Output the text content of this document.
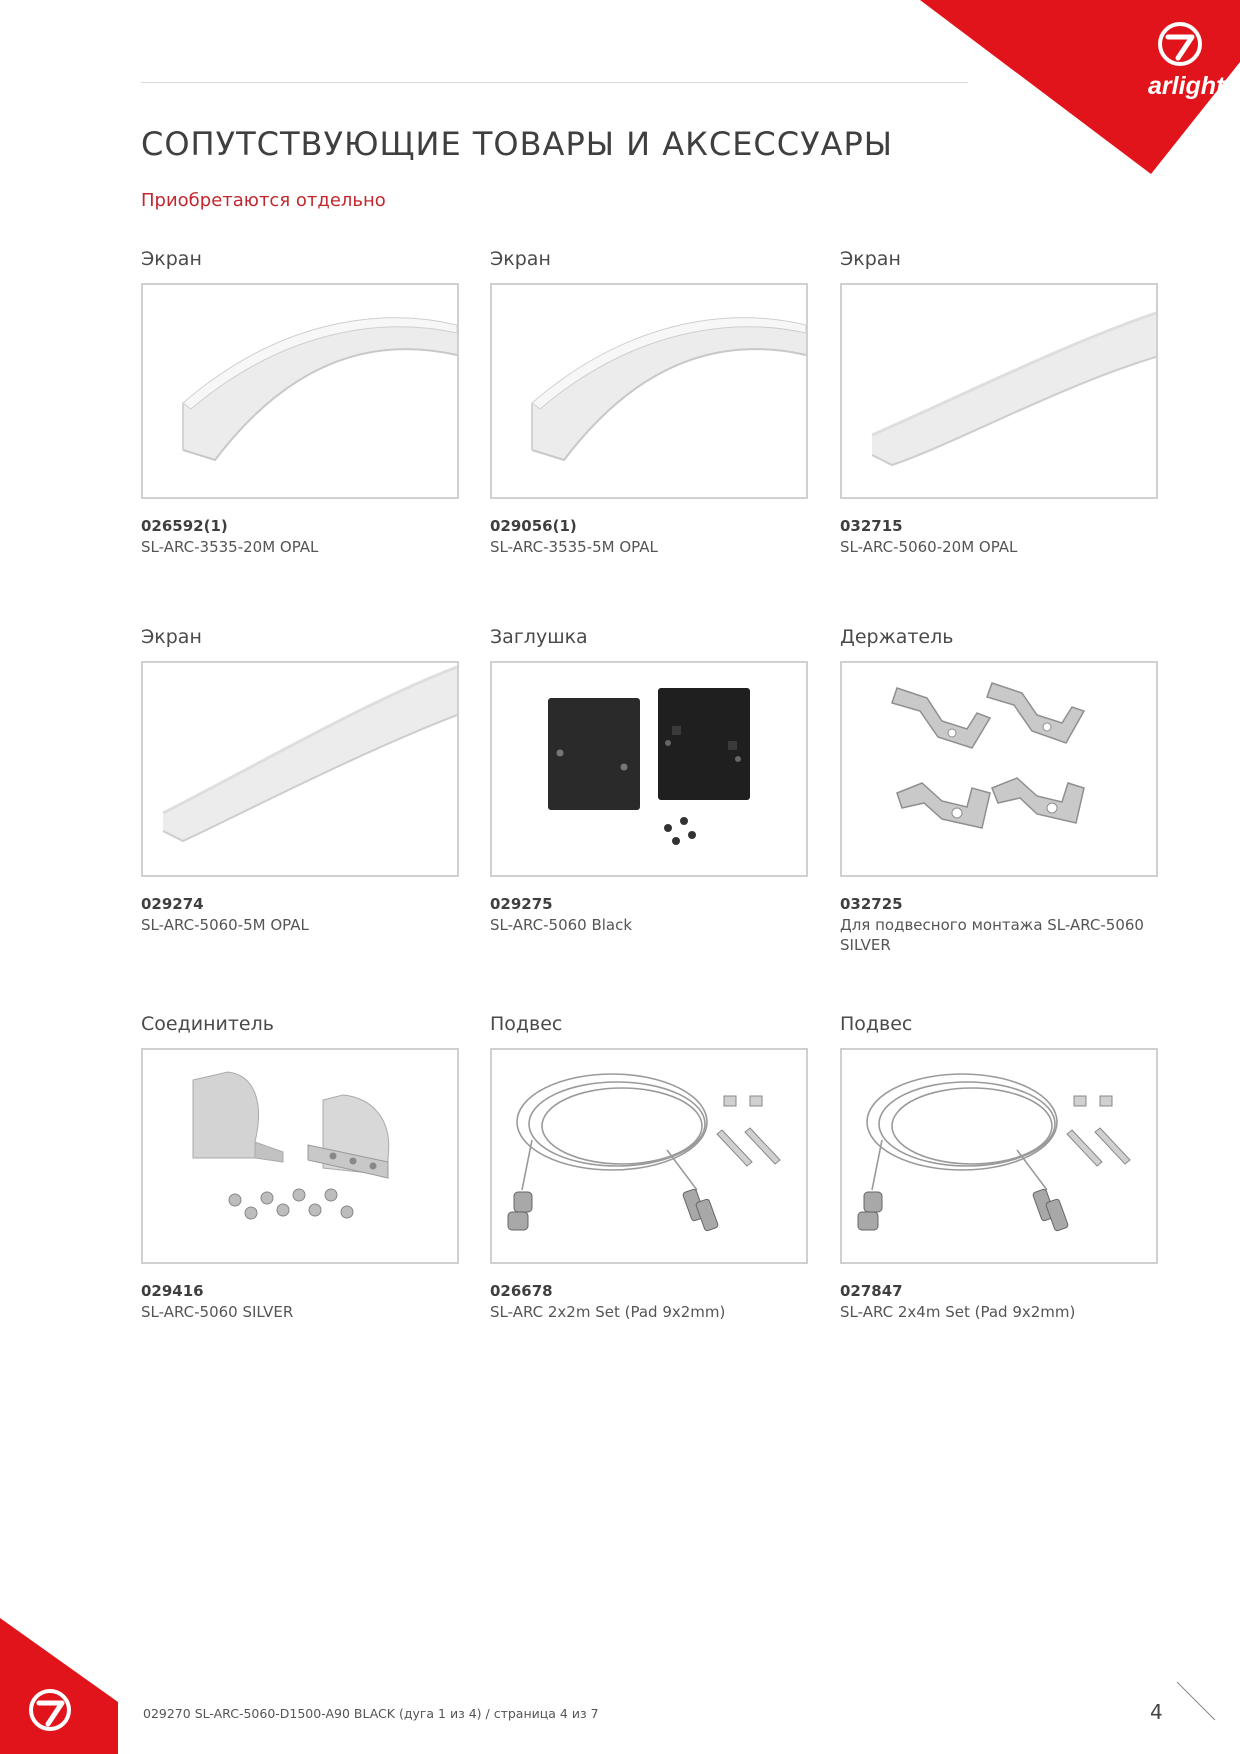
arlight
СОПУТСТВУЮЩИЕ ТОВАРЫ И АКСЕССУАРЫ

Приобретаются отдельно

Экран
026592(1)
SL-ARC-3535-20M OPAL
Экран
029056(1)
SL-ARC-3535-5M OPAL
Экран
032715
SL-ARC-5060-20M OPAL
Экран
029274
SL-ARC-5060-5M OPAL
Заглушка
029275
SL-ARC-5060 Black
Держатель
032725
Для подвесного монтажа SL-ARC-5060 SILVER
Соединитель
029416
SL-ARC-5060 SILVER
Подвес
026678
SL-ARC 2x2m Set (Pad 9x2mm)
Подвес
027847
SL-ARC 2x4m Set (Pad 9x2mm)
029270 SL-ARC-5060-D1500-A90 BLACK (дуга 1 из 4) / страница 4 из 7	4
